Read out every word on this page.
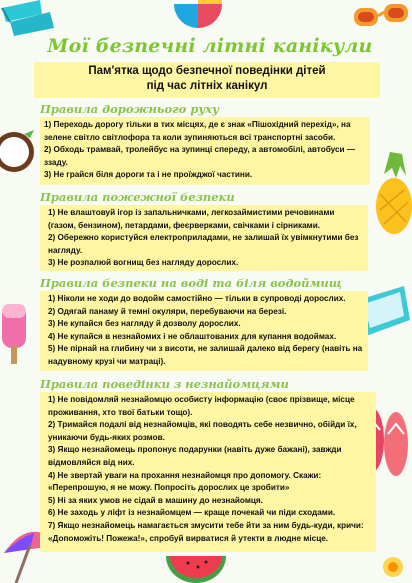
Мої безпечні літні канікули
Пам'ятка щодо безпечної поведінки дітей
під час літніх канікул
Правила дорожнього руху
1) Переходь дорогу тільки в тих місцях, де є знак «Пішохідний перехід», на зелене світло світлофора та коли зупиняються всі транспортні засоби.
2) Обходь трамвай, тролейбус на зупинці спереду, а автомобілі, автобуси — ззаду.
3) Не грайся біля дороги та і не проїжджої частини.
Правила пожежної безпеки
1) Не влаштовуй ігор із запальничками, легкозаймистими речовинами (газом, бензином), петардами, феєрверками, свічками і сірниками.
2) Обережно користуйся електроприладами, не залишай їх увімкнутими без нагляду.
3) Не розпалюй вогнищ без нагляду дорослих.
Правила безпеки на воді та біля водоймищ
1) Ніколи не ходи до водойм самостійно — тільки в супроводі дорослих.
2) Одягай панаму й темні окуляри, перебуваючи на березі.
3) Не купайся без нагляду й дозволу дорослих.
4) Не купайся в незнайомих і не облаштованих для купання водоймах.
5) Не пірнай на глибину чи з висоти, не залишай далеко від берегу (навіть на надувному крузі чи матраці).
Правила поведінки з незнайомцями
1) Не повідомляй незнайомцю особисту інформацію (своє прізвище, місце проживання, хто твої батьки тощо).
2) Тримайся подалі від незнайомців, які поводять себе незвично, обійди їх, уникаючи будь-яких розмов.
3) Якщо незнайомець пропонує подарунки (навіть дуже бажані), завжди відмовляйся від них.
4) Не звертай уваги на прохання незнайомця про допомогу. Скажи: «Перепрошую, я не можу. Попросіть дорослих це зробити»
5) Ні за яких умов не сідай в машину до незнайомця.
6) Не заходь у ліфт із незнайомцем — краще почекай чи піди сходами.
7) Якщо незнайомець намагається змусити тебе йти за ним будь-куди, кричи: «Допоможіть! Пожежа!», спробуй вирватися й утекти в людне місце.
